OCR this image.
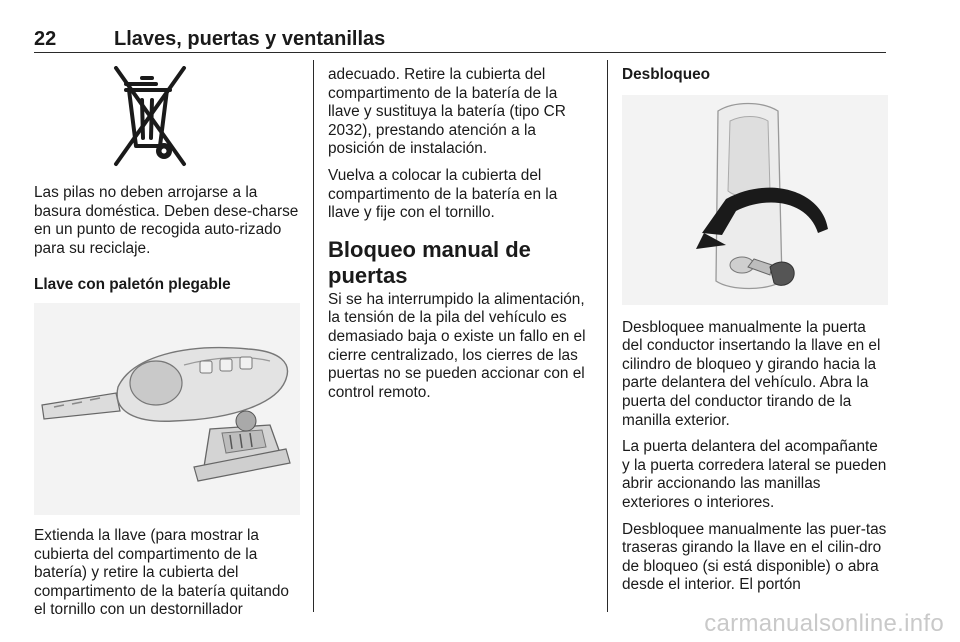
22	Llaves, puertas y ventanillas

Las pilas no deben arrojarse a la basura doméstica. Deben dese-charse en un punto de recogida auto-rizado para su reciclaje.

Llave con paletón plegable

Extienda la llave (para mostrar la cubierta del compartimento de la batería) y retire la cubierta del compartimento de la batería quitando el tornillo con un destornillador

adecuado. Retire la cubierta del compartimento de la batería de la llave y sustituya la batería (tipo CR 2032), prestando atención a la posición de instalación.

Vuelva a colocar la cubierta del compartimento de la batería en la llave y fije con el tornillo.

Bloqueo manual de puertas

Si se ha interrumpido la alimentación, la tensión de la pila del vehículo es demasiado baja o existe un fallo en el cierre centralizado, los cierres de las puertas no se pueden accionar con el control remoto.

Desbloqueo

Desbloquee manualmente la puerta del conductor insertando la llave en el cilindro de bloqueo y girando hacia la parte delantera del vehículo. Abra la puerta del conductor tirando de la manilla exterior.

La puerta delantera del acompañante y la puerta corredera lateral se pueden abrir accionando las manillas exteriores o interiores.

Desbloquee manualmente las puer-tas traseras girando la llave en el cilin-dro de bloqueo (si está disponible) o abra desde el interior. El portón

carmanualsonline.info
